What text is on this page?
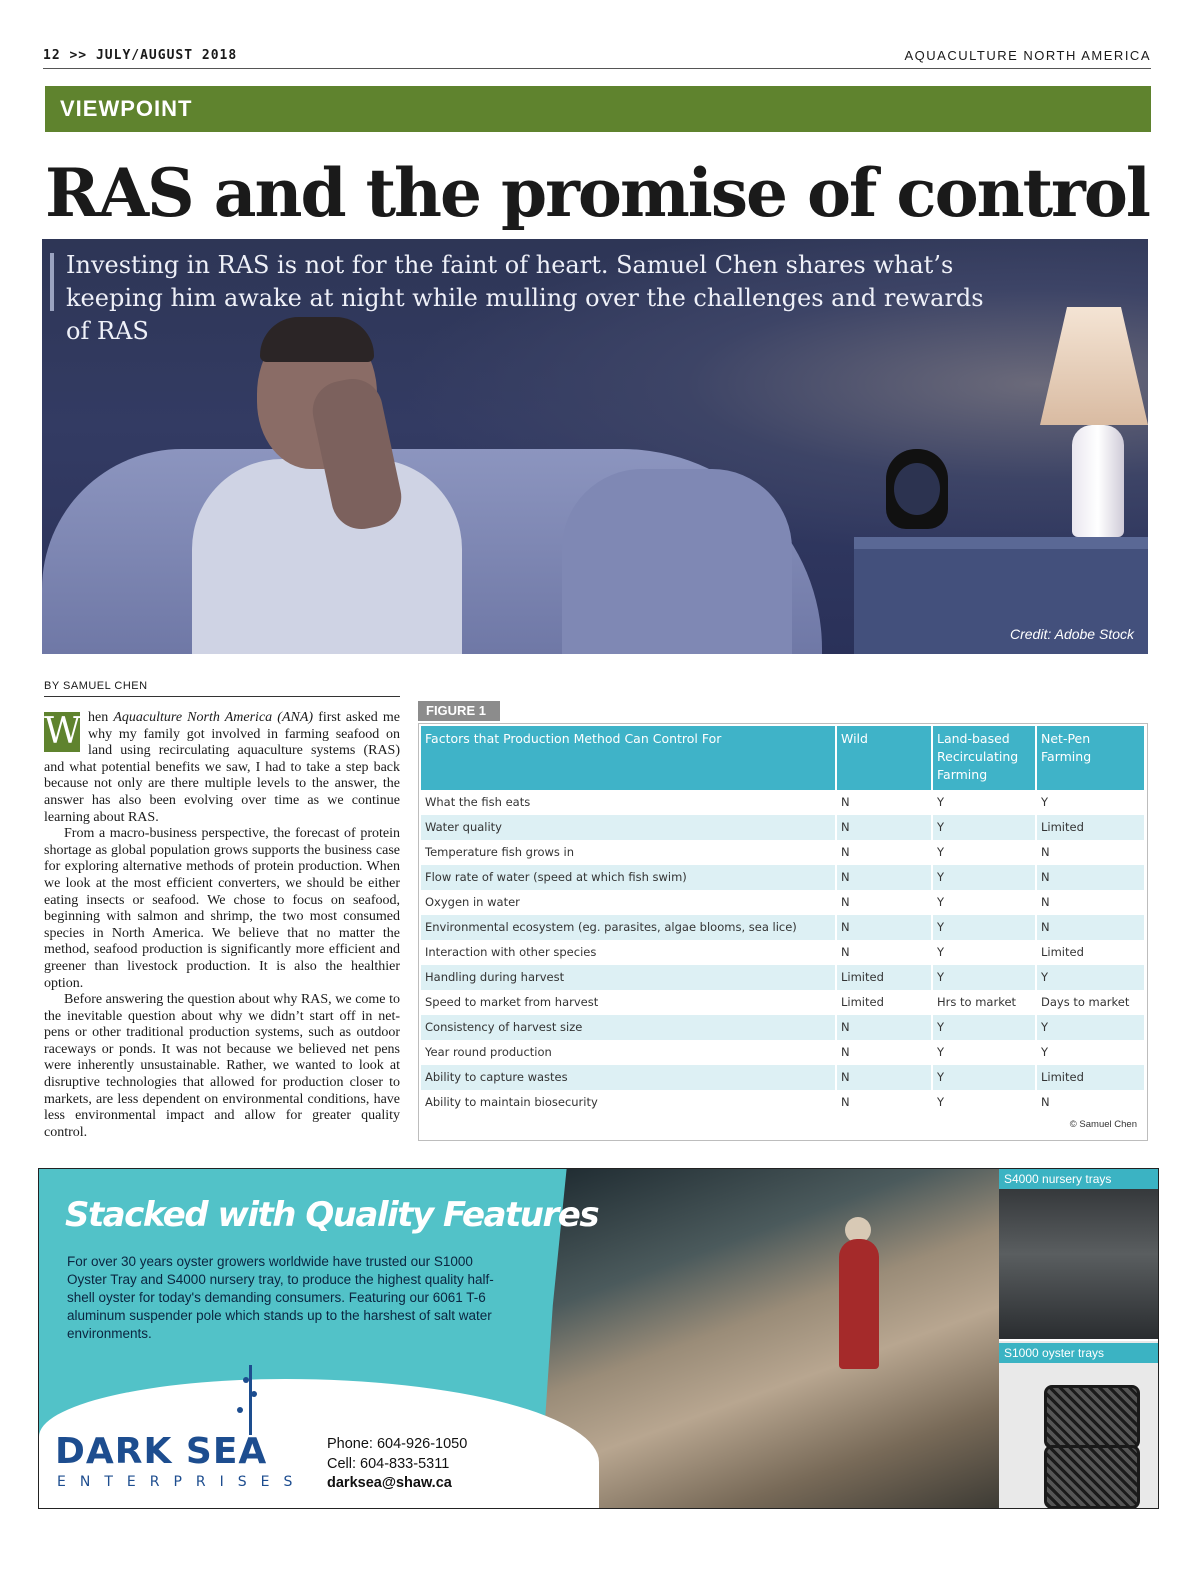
12 >> JULY/AUGUST 2018	AQUACULTURE NORTH AMERICA
VIEWPOINT
RAS and the promise of control
Investing in RAS is not for the faint of heart. Samuel Chen shares what’s keeping him awake at night while mulling over the challenges and rewards of RAS
Credit: Adobe Stock
BY SAMUEL CHEN

W hen Aquaculture North America (ANA) first asked me why my family got involved in farming seafood on land using recirculating aquaculture systems (RAS) and what potential benefits we saw, I had to take a step back because not only are there multiple levels to the answer, the answer has also been evolving over time as we continue learning about RAS.

From a macro-business perspective, the forecast of protein shortage as global population grows supports the business case for exploring alternative methods of protein production. When we look at the most efficient converters, we should be either eating insects or seafood. We chose to focus on seafood, beginning with salmon and shrimp, the two most consumed species in North America. We believe that no matter the method, seafood production is significantly more efficient and greener than livestock production. It is also the healthier option.

Before answering the question about why RAS, we come to the inevitable question about why we didn’t start off in net-pens or other traditional production systems, such as outdoor raceways or ponds. It was not because we believed net pens were inherently unsustainable. Rather, we wanted to look at disruptive technologies that allowed for production closer to markets, are less dependent on environmental conditions, have less environmental impact and allow for greater quality control.

FIGURE 1
Factors that Production Method Can Control For	Wild	Land-based Recirculating Farming	Net-Pen Farming
What the fish eats	N	Y	Y
Water quality	N	Y	Limited
Temperature fish grows in	N	Y	N
Flow rate of water (speed at which fish swim)	N	Y	N
Oxygen in water	N	Y	N
Environmental ecosystem (eg. parasites, algae blooms, sea lice)	N	Y	N
Interaction with other species	N	Y	Limited
Handling during harvest	Limited	Y	Y
Speed to market from harvest	Limited	Hrs to market	Days to market
Consistency of harvest size	N	Y	Y
Year round production	N	Y	Y
Ability to capture wastes	N	Y	Limited
Ability to maintain biosecurity	N	Y	N
© Samuel Chen
Stacked with Quality Features
For over 30 years oyster growers worldwide have trusted our S1000 Oyster Tray and S4000 nursery tray, to produce the highest quality half-shell oyster for today's demanding consumers. Featuring our 6061 T-6 aluminum suspender pole which stands up to the harshest of salt water environments.
DARK SEA
ENTERPRISES
Phone: 604-926-1050
Cell: 604-833-5311
darksea@shaw.ca
S4000 nursery trays
S1000 oyster trays
